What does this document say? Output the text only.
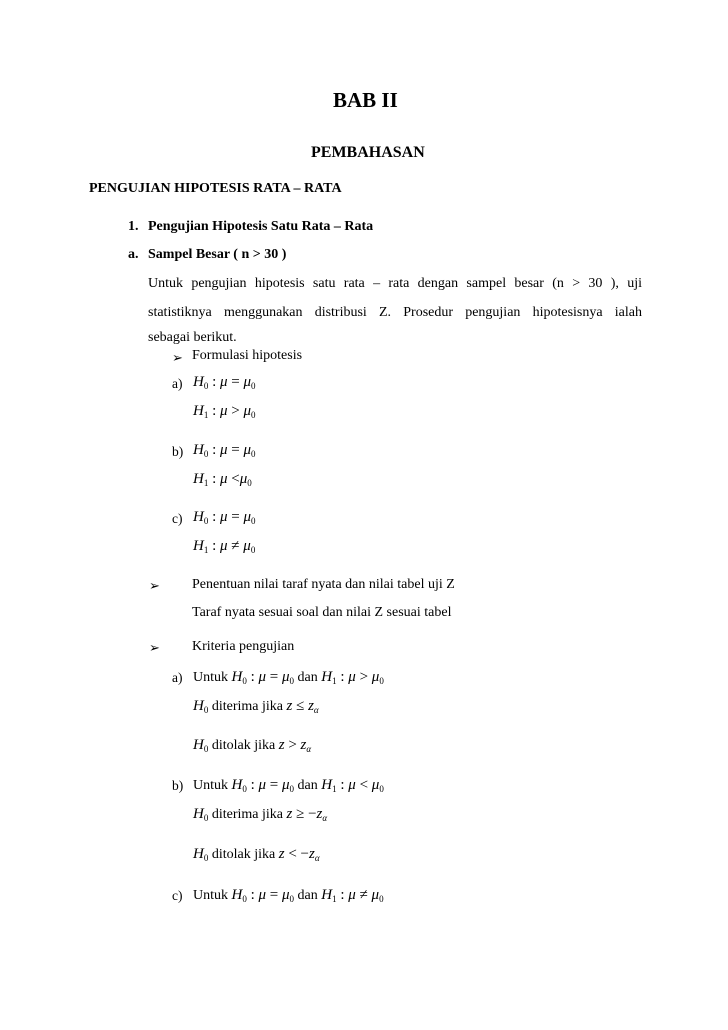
BAB II
PEMBAHASAN
PENGUJIAN HIPOTESIS RATA – RATA
1. Pengujian Hipotesis Satu Rata – Rata
a. Sampel Besar ( n > 30 )
Untuk pengujian hipotesis satu rata – rata dengan sampel besar (n > 30 ), uji
statistiknya menggunakan distribusi Z. Prosedur pengujian hipotesisnya ialah
sebagai berikut.
➢ Formulasi hipotesis
a) $H_0$ : $\mu = \mu_0$
$H_1$ : $\mu > \mu_0$
b) $H_0$ : $\mu = \mu_0$
$H_1$ : $\mu <\mu_0$
c) $H_0$ : $\mu = \mu_0$
$H_1$ : $\mu \ne \mu_0$
➢ Penentuan nilai taraf nyata dan nilai tabel uji Z
Taraf nyata sesuai soal dan nilai Z sesuai tabel
➢ Kriteria pengujian
a) Untuk $H_0$ : $\mu = \mu_0$ dan $H_1$ : $\mu > \mu_0$
$H_0$ diterima jika $z \le z_\alpha$
$H_0$ ditolak jika $z > z_\alpha$
b) Untuk $H_0$ : $\mu = \mu_0$ dan $H_1$ : $\mu < \mu_0$
$H_0$ diterima jika $z \ge -z_\alpha$
$H_0$ ditolak jika $z < -z_\alpha$
c) Untuk $H_0$ : $\mu = \mu_0$ dan $H_1$ : $\mu \ne \mu_0$
